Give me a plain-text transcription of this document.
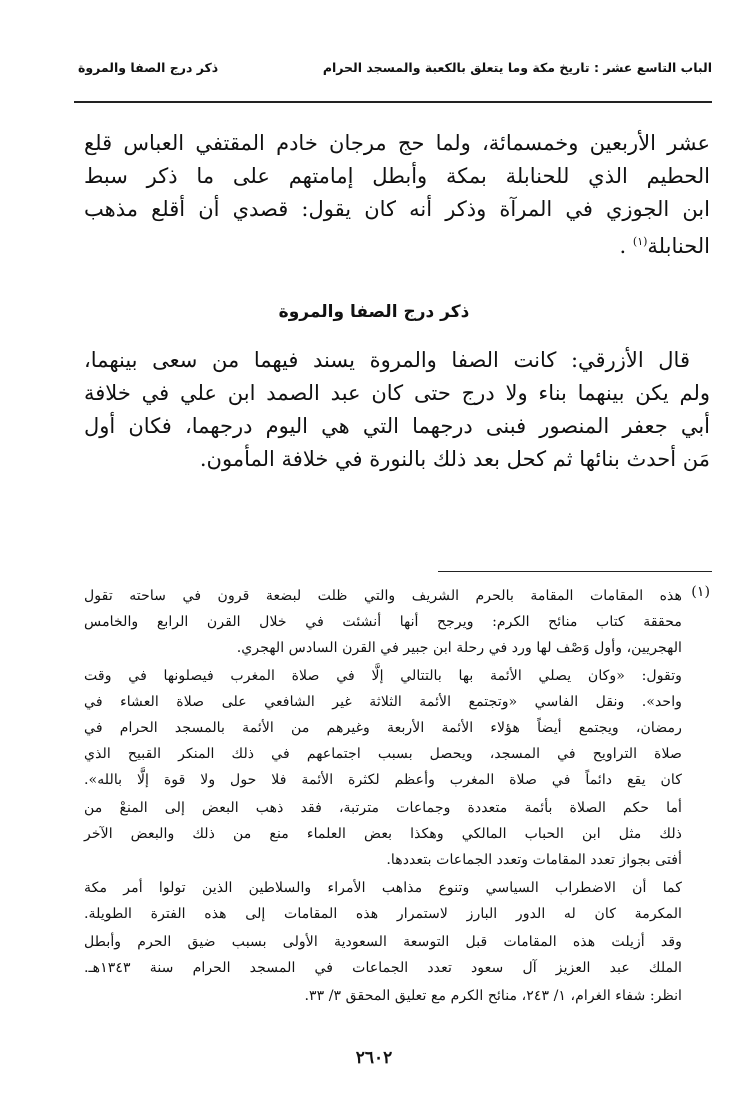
الباب التاسع عشر : تاريخ مكة وما يتعلق بالكعبة والمسجد الحرام
ذكر درج الصفا والمروة
عشر الأربعين وخمسمائة، ولما حج مرجان خادم المقتفي العباس قلع
الحطيم الذي للحنابلة بمكة وأبطل إمامتهم على ما ذكر سبط
ابن الجوزي في المرآة وذكر أنه كان يقول: قصدي أن أقلع مذهب
الحنابلة$^{(١)}$ .
ذكر درج الصفا والمروة
قال الأزرقي: كانت الصفا والمروة يسند فيهما من سعى بينهما،
ولم يكن بينهما بناء ولا درج حتى كان عبد الصمد ابن علي في خلافة
أبي جعفر المنصور فبنى درجهما التي هي اليوم درجهما، فكان أول
مَن أحدث بنائها ثم كحل بعد ذلك بالنورة في خلافة المأمون.
(١)
هذه المقامات المقامة بالحرم الشريف والتي ظلت لبضعة قرون في ساحته تقول
محققة كتاب منائح الكرم: ويرجح أنها أنشئت في خلال القرن الرابع والخامس
الهجريين، وأول وَصْف لها ورد في رحلة ابن جبير في القرن السادس الهجري.
وتقول: «وكان يصلي الأئمة بها بالتتالي إلَّا في صلاة المغرب فيصلونها في وقت
واحد». ونقل الفاسي «وتجتمع الأئمة الثلاثة غير الشافعي على صلاة العشاء في
رمضان، ويجتمع أيضاً هؤلاء الأئمة الأربعة وغيرهم من الأئمة بالمسجد الحرام في
صلاة التراويح في المسجد، ويحصل بسبب اجتماعهم في ذلك المنكر القبيح الذي
كان يقع دائماً في صلاة المغرب وأعظم لكثرة الأئمة فلا حول ولا قوة إلَّا بالله».
أما حكم الصلاة بأئمة متعددة وجماعات مترتبة، فقد ذهب البعض إلى المنعْ من
ذلك مثل ابن الحباب المالكي وهكذا بعض العلماء منع من ذلك والبعض الآخر
أفتى بجواز تعدد المقامات وتعدد الجماعات بتعددها.
كما أن الاضطراب السياسي وتنوع مذاهب الأمراء والسلاطين الذين تولوا أمر مكة
المكرمة كان له الدور البارز لاستمرار هذه المقامات إلى هذه الفترة الطويلة.
وقد أزيلت هذه المقامات قبل التوسعة السعودية الأولى بسبب ضيق الحرم وأبطل
الملك عبد العزيز آل سعود تعدد الجماعات في المسجد الحرام سنة ١٣٤٣هـ.
انظر: شفاء الغرام، ١/ ٢٤٣، منائح الكرم مع تعليق المحقق ٣/ ٣٣.
٢٦٠٢
